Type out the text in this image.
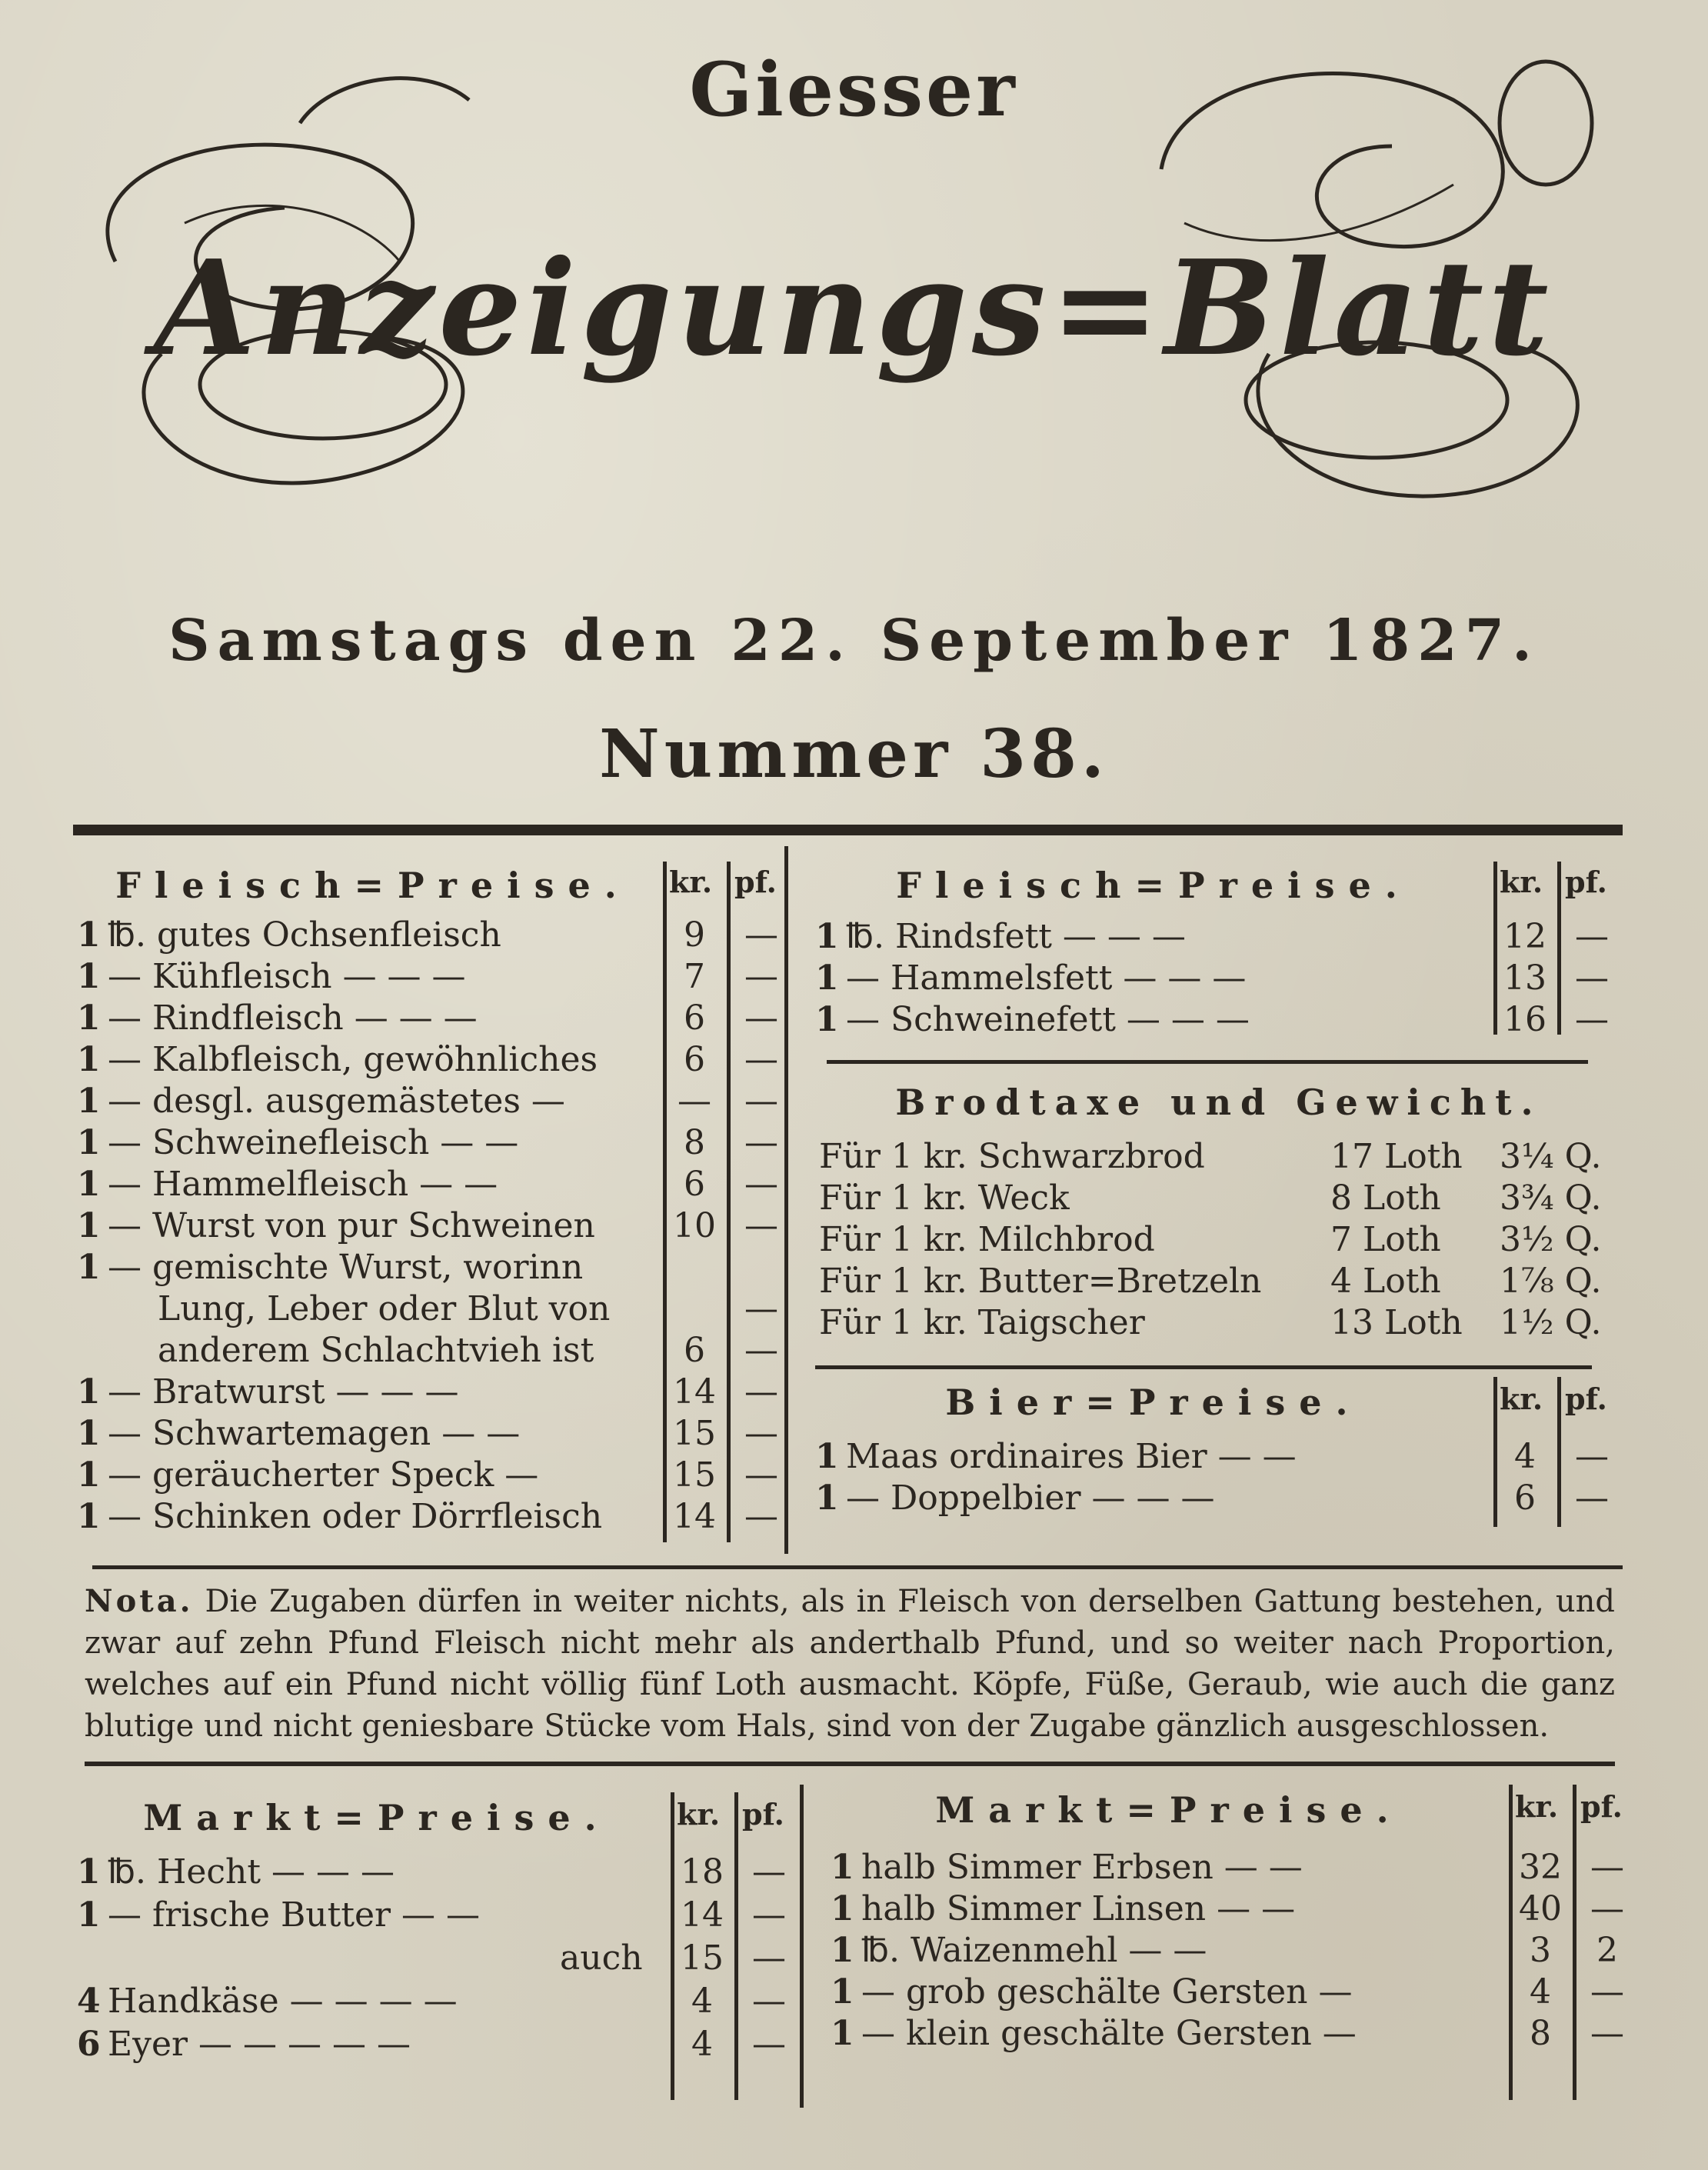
Giesser
Anzeigungs=Blatt
Samstags den 22. September 1827.
Nummer 38.
Fleisch=Preise.	kr. pf.
1 ℔. gutes Ochsenfleisch	9	—
1 — Kühfleisch — — —	7	—
1 — Rindfleisch — — —	6	—
1 — Kalbfleisch, gewöhnliches	6	—
1 — desgl. ausgemästetes —	— —
1 — Schweinefleisch — —	8	—
1 — Hammelfleisch — —	6	—
1 — Wurst von pur Schweinen 10 —
1 — gemischte Wurst, worinn
Lung, Leber oder Blut von	—
anderem Schlachtvieh ist	6	—
1 — Bratwurst — — —	14 —
1 — Schwartemagen — —	15 —
1 — geräucherter Speck —	15 —
1 — Schinken oder Dörrfleisch 14 —
Fleisch=Preise.	kr. pf.
1 ℔. Rindsfett — — —	12 —
1 — Hammelsfett — — —	13 —
1 — Schweinefett — — —	16 —
Brodtaxe und Gewicht.
Für 1 kr. Schwarzbrod	17 Loth 3¼ Q.
Für 1 kr. Weck	8 Loth 3¾ Q.
Für 1 kr. Milchbrod	7 Loth 3½ Q.
Für 1 kr. Butter=Bretzeln 4 Loth 1⅞ Q.
Für 1 kr. Taigscher	13 Loth 1½ Q.
Bier=Preise.	kr. pf.
1 Maas ordinaires Bier — —	4	—
1 — Doppelbier — — —	6	—
Nota. Die Zugaben dürfen in weiter nichts, als in Fleisch von derselben Gattung bestehen, und zwar auf zehn Pfund Fleisch nicht mehr als anderthalb Pfund, und so weiter nach Proportion, welches auf ein Pfund nicht völlig fünf Loth ausmacht. Köpfe, Füße, Geraub, wie auch die ganz blutige und nicht geniesbare Stücke vom Hals, sind von der Zugabe gänzlich ausgeschlossen.
Markt=Preise.	kr. pf.
1 ℔. Hecht — — —	18 —
1 — frische Butter — —	14 —
auch 15 —
4 Handkäse — — — —	4	—
6 Eyer — — — — —	4	—
Markt=Preise.	kr. pf.
1 halb Simmer Erbsen — —	32 —
1 halb Simmer Linsen — —	40 —
1 ℔. Waizenmehl — —	3	2
1 — grob geschälte Gersten —	4	—
1 — klein geschälte Gersten —	8	—
